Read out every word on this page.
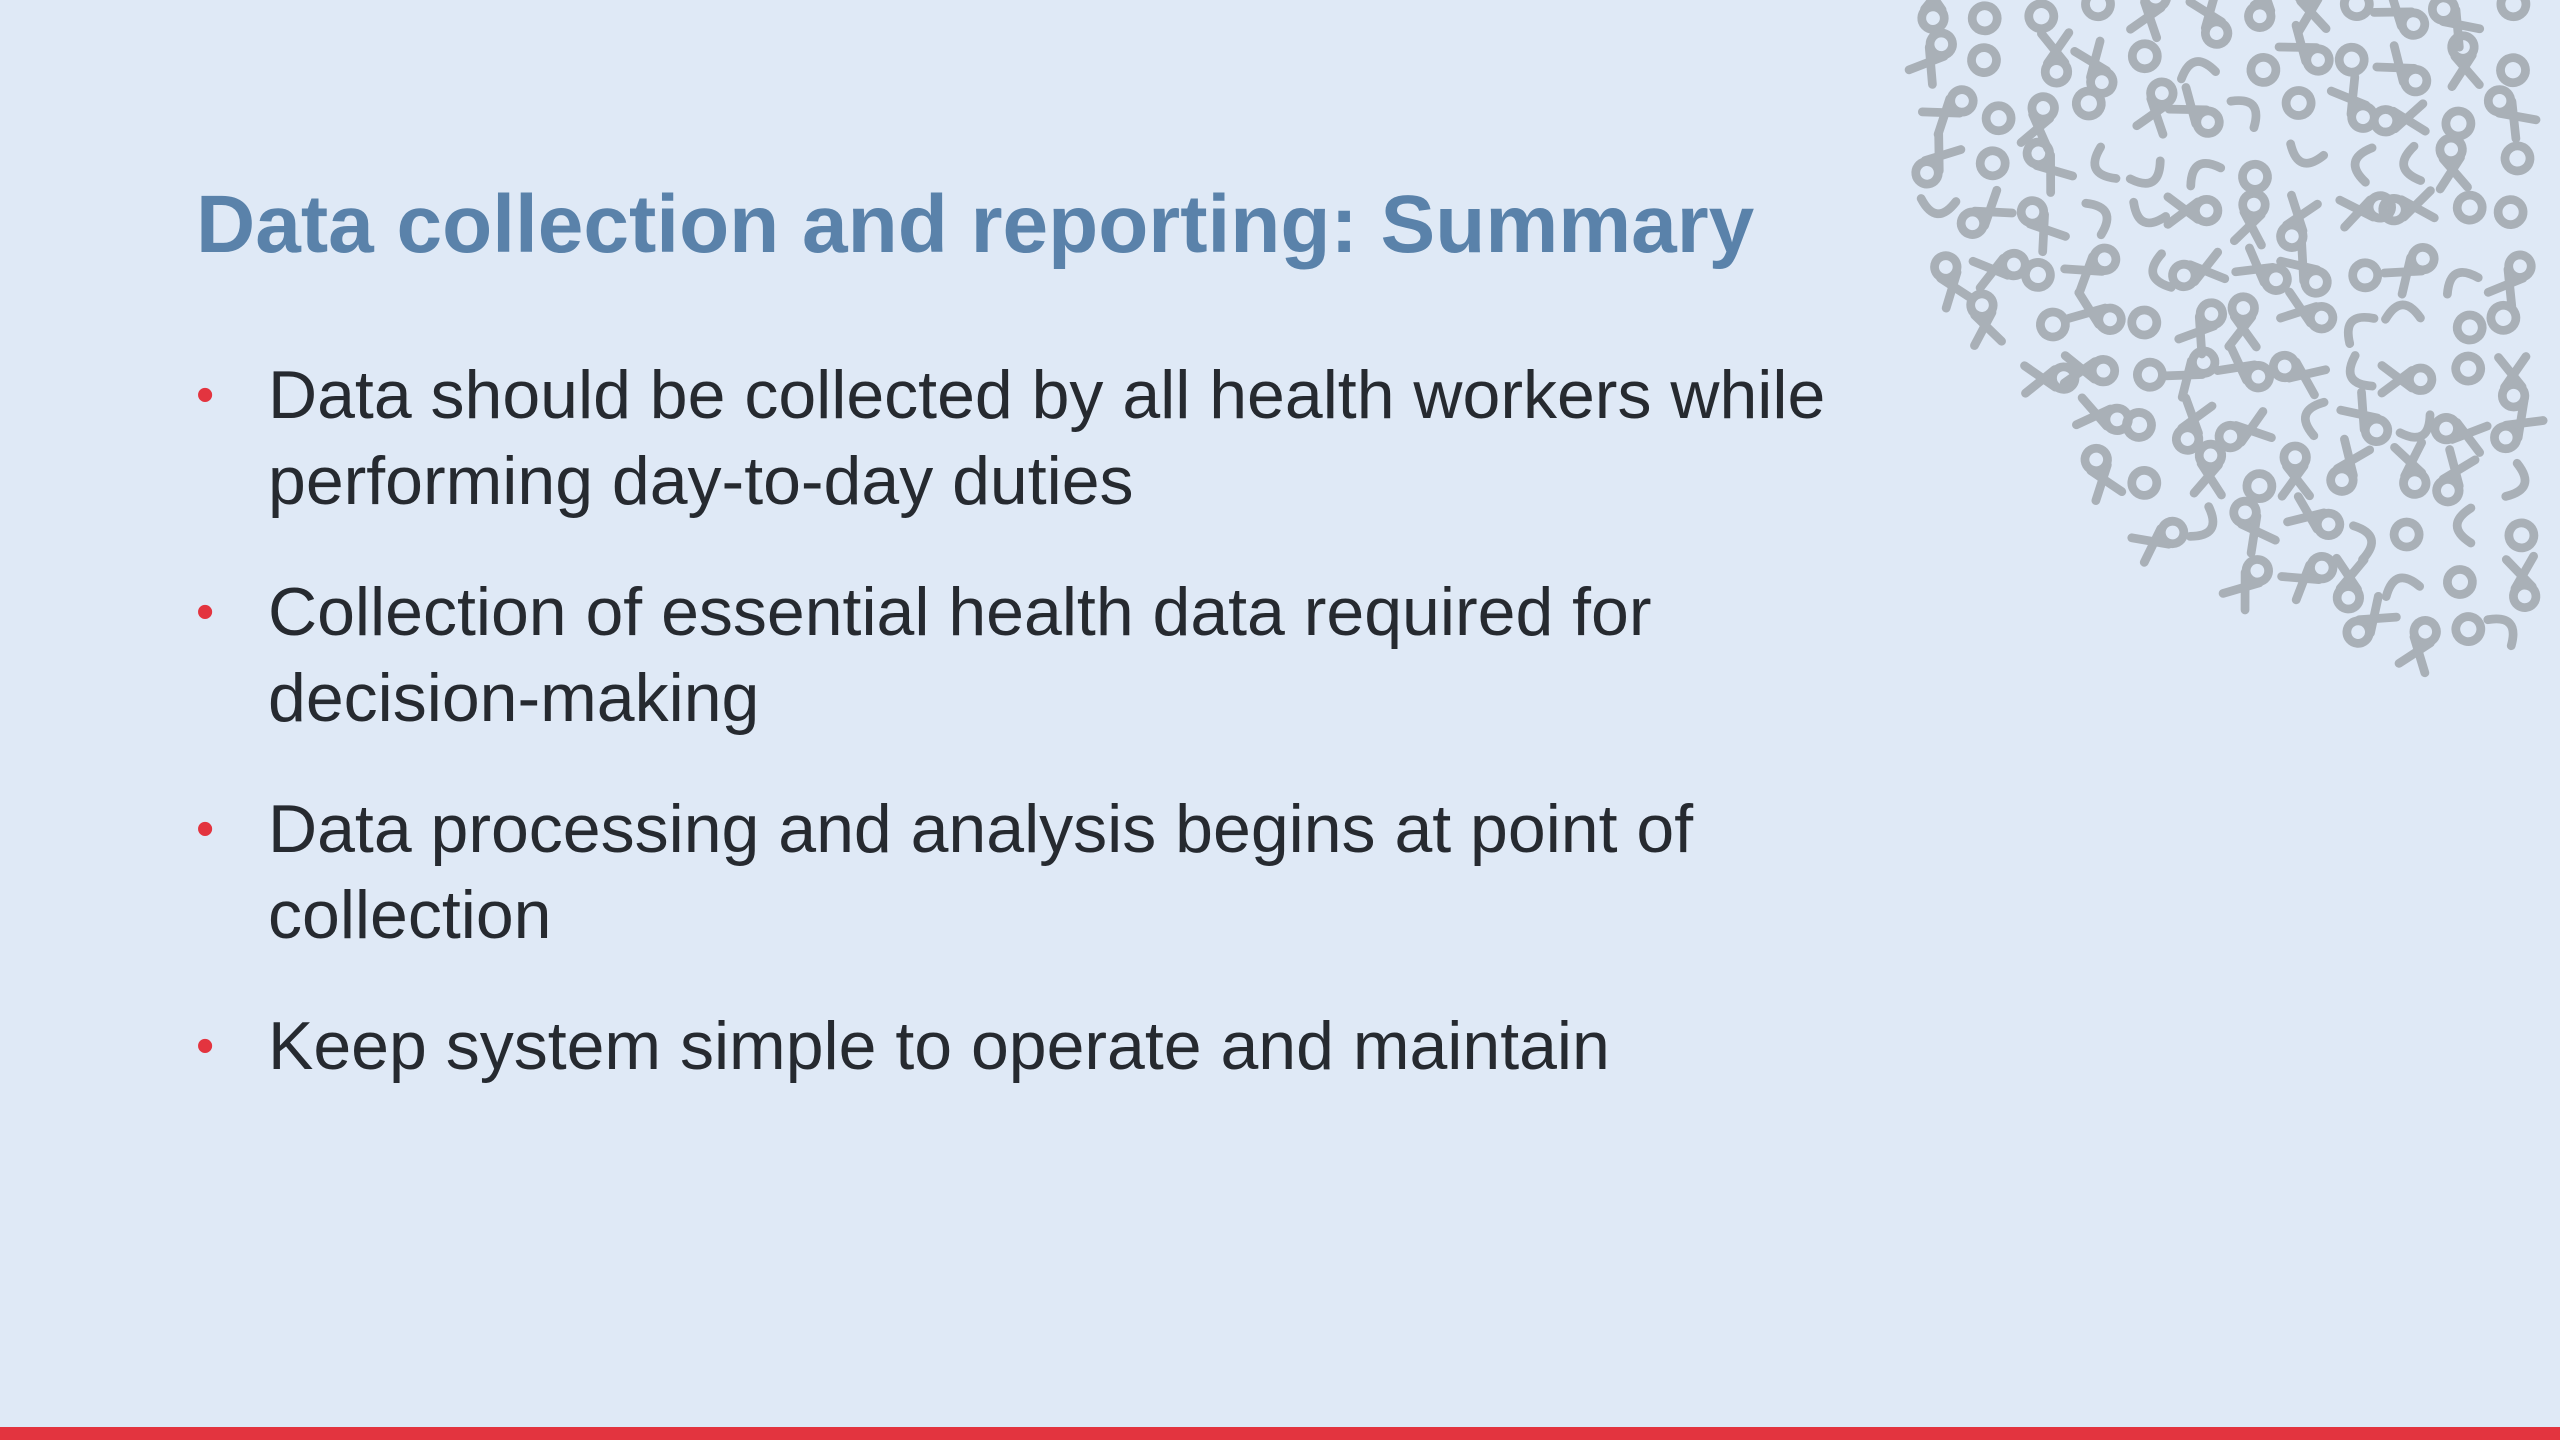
Data collection and reporting: Summary
• Data should be collected by all health workers while performing day-to-day duties
• Collection of essential health data required for decision-making
• Data processing and analysis begins at point of collection
• Keep system simple to operate and maintain
